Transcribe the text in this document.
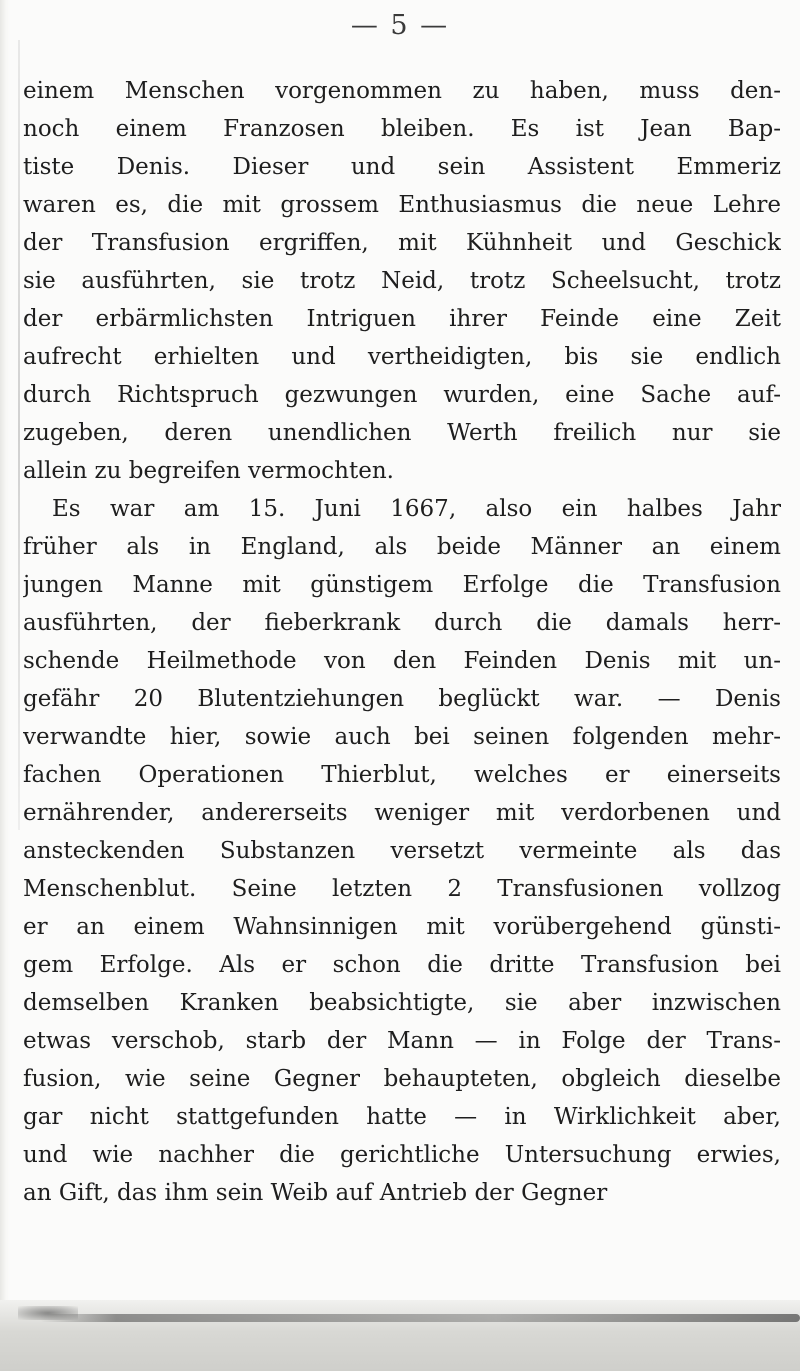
— 5 —
einem Menschen vorgenommen zu haben, muss den-
noch einem Franzosen bleiben. Es ist Jean Bap-
tiste Denis. Dieser und sein Assistent Emmeriz
waren es, die mit grossem Enthusiasmus die neue Lehre
der Transfusion ergriffen, mit Kühnheit und Geschick
sie ausführten, sie trotz Neid, trotz Scheelsucht, trotz
der erbärmlichsten Intriguen ihrer Feinde eine Zeit
aufrecht erhielten und vertheidigten, bis sie endlich
durch Richtspruch gezwungen wurden, eine Sache auf-
zugeben, deren unendlichen Werth freilich nur sie
allein zu begreifen vermochten.
Es war am 15. Juni 1667, also ein halbes Jahr
früher als in England, als beide Männer an einem
jungen Manne mit günstigem Erfolge die Transfusion
ausführten, der fieberkrank durch die damals herr-
schende Heilmethode von den Feinden Denis mit un-
gefähr 20 Blutentziehungen beglückt war. — Denis
verwandte hier, sowie auch bei seinen folgenden mehr-
fachen Operationen Thierblut, welches er einerseits
ernährender, andererseits weniger mit verdorbenen und
ansteckenden Substanzen versetzt vermeinte als das
Menschenblut. Seine letzten 2 Transfusionen vollzog
er an einem Wahnsinnigen mit vorübergehend günsti-
gem Erfolge. Als er schon die dritte Transfusion bei
demselben Kranken beabsichtigte, sie aber inzwischen
etwas verschob, starb der Mann — in Folge der Trans-
fusion, wie seine Gegner behaupteten, obgleich dieselbe
gar nicht stattgefunden hatte — in Wirklichkeit aber,
und wie nachher die gerichtliche Untersuchung erwies,
an Gift, das ihm sein Weib auf Antrieb der Gegner
